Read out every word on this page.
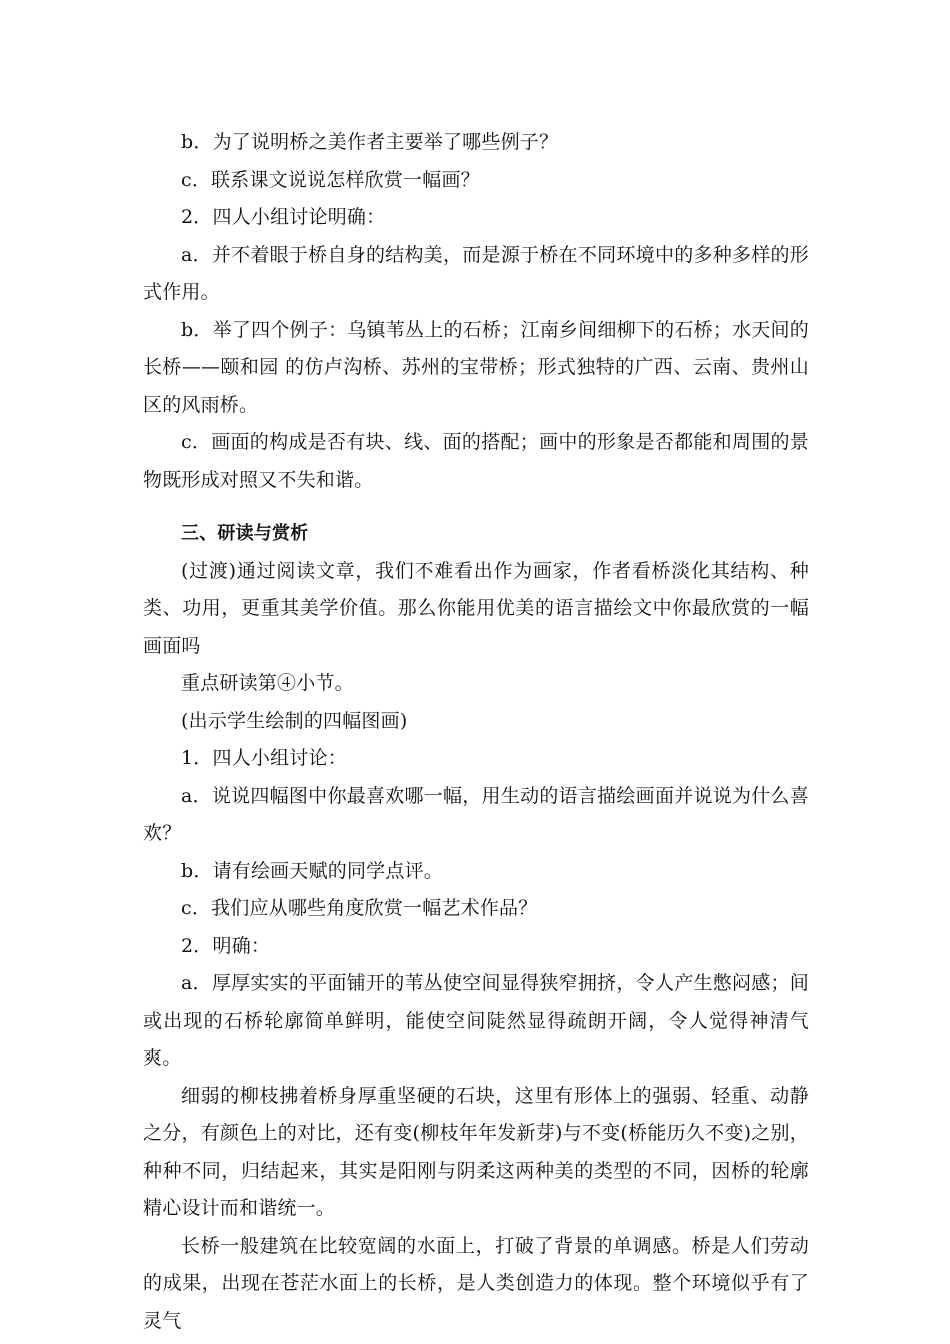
b．为了说明桥之美作者主要举了哪些例子？

c．联系课文说说怎样欣赏一幅画？

2．四人小组讨论明确：

a．并不着眼于桥自身的结构美，而是源于桥在不同环境中的多种多样的形式作用。

b．举了四个例子：乌镇苇丛上的石桥；江南乡间细柳下的石桥；水天间的长桥——颐和园 的仿卢沟桥、苏州的宝带桥；形式独特的广西、云南、贵州山区的风雨桥。

c．画面的构成是否有块、线、面的搭配；画中的形象是否都能和周围的景物既形成对照又不失和谐。

三、研读与赏析

(过渡)通过阅读文章，我们不难看出作为画家，作者看桥淡化其结构、种类、功用，更重其美学价值。那么你能用优美的语言描绘文中你最欣赏的一幅画面吗

重点研读第④小节。

(出示学生绘制的四幅图画)

1．四人小组讨论：

a．说说四幅图中你最喜欢哪一幅，用生动的语言描绘画面并说说为什么喜欢？

b．请有绘画天赋的同学点评。

c．我们应从哪些角度欣赏一幅艺术作品？

2．明确：

a．厚厚实实的平面铺开的苇丛使空间显得狭窄拥挤，令人产生憋闷感；间或出现的石桥轮廓简单鲜明，能使空间陡然显得疏朗开阔，令人觉得神清气爽。

细弱的柳枝拂着桥身厚重坚硬的石块，这里有形体上的强弱、轻重、动静之分，有颜色上的对比，还有变(柳枝年年发新芽)与不变(桥能历久不变)之别，种种不同，归结起来，其实是阳刚与阴柔这两种美的类型的不同，因桥的轮廓精心设计而和谐统一。

长桥一般建筑在比较宽阔的水面上，打破了背景的单调感。桥是人们劳动的成果，出现在苍茫水面上的长桥，是人类创造力的体现。整个环境似乎有了灵气
